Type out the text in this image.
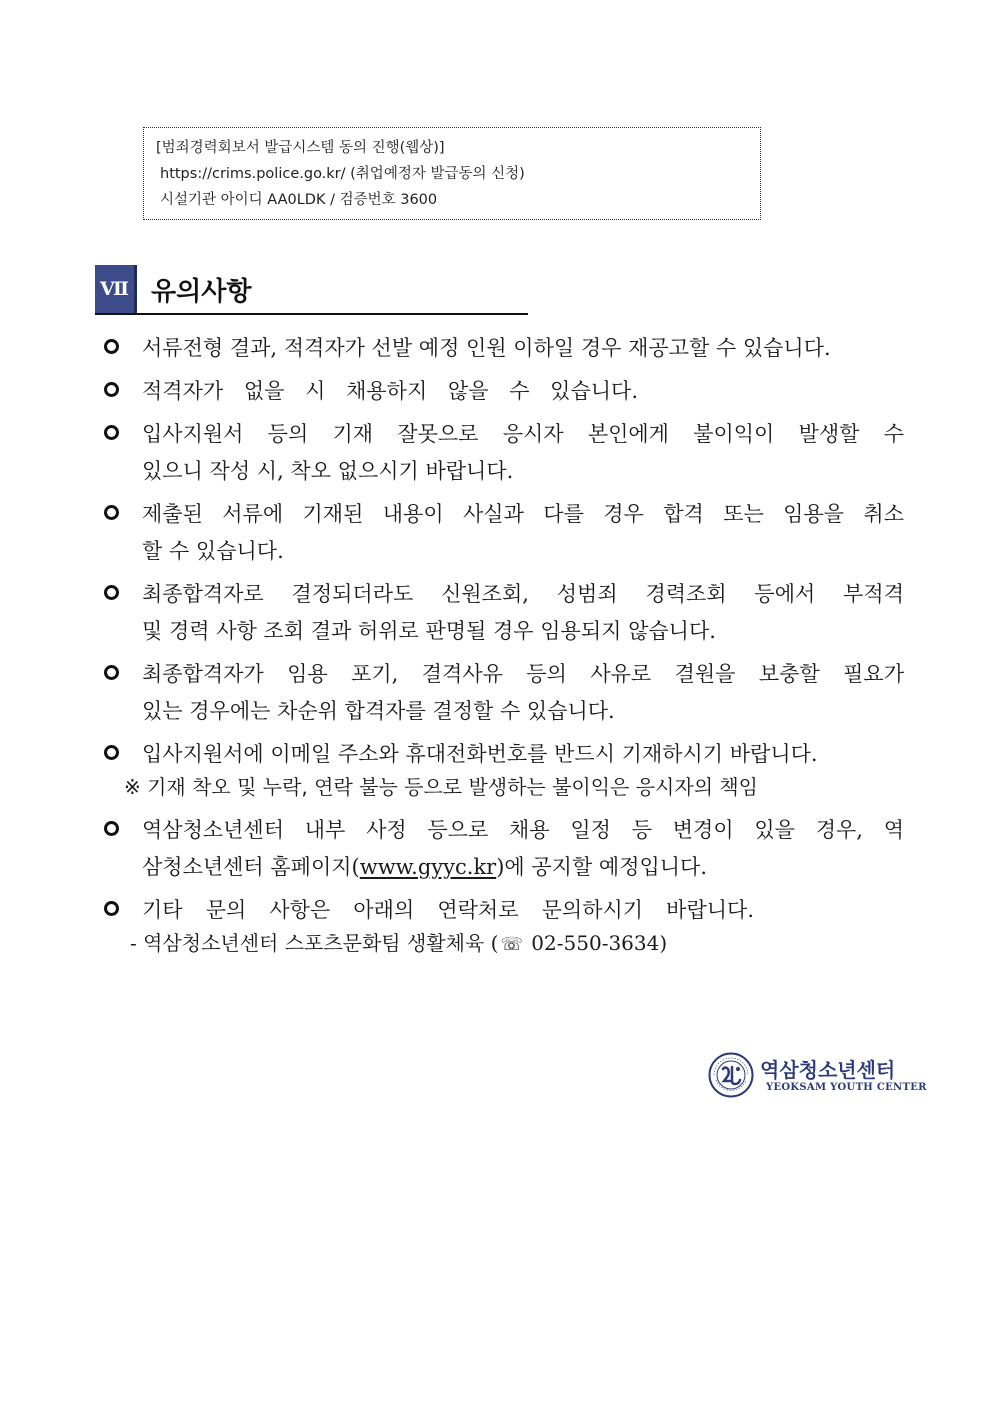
[범죄경력회보서 발급시스템 동의 진행(웹상)]
https://crims.police.go.kr/ (취업예정자 발급동의 신청)
시설기관 아이디 AA0LDK / 검증번호 3600
Ⅶ 유의사항
서류전형 결과, 적격자가 선발 예정 인원 이하일 경우 재공고할 수 있습니다.
적격자가 없을 시 채용하지 않을 수 있습니다.
입사지원서 등의 기재 잘못으로 응시자 본인에게 불이익이 발생할 수
있으니 작성 시, 착오 없으시기 바랍니다.
제출된 서류에 기재된 내용이 사실과 다를 경우 합격 또는 임용을 취소
할 수 있습니다.
최종합격자로 결정되더라도 신원조회, 성범죄 경력조회 등에서 부적격
및 경력 사항 조회 결과 허위로 판명될 경우 임용되지 않습니다.
최종합격자가 임용 포기, 결격사유 등의 사유로 결원을 보충할 필요가
있는 경우에는 차순위 합격자를 결정할 수 있습니다.
입사지원서에 이메일 주소와 휴대전화번호를 반드시 기재하시기 바랍니다.
※ 기재 착오 및 누락, 연락 불능 등으로 발생하는 불이익은 응시자의 책임
역삼청소년센터 내부 사정 등으로 채용 일정 등 변경이 있을 경우, 역
삼청소년센터 홈페이지(www.gyyc.kr)에 공지할 예정입니다.
기타 문의 사항은 아래의 연락처로 문의하시기 바랍니다.
- 역삼청소년센터 스포츠문화팀 생활체육 ( ☏ 02-550-3634)
역삼청소년센터
YEOKSAM YOUTH CENTER
